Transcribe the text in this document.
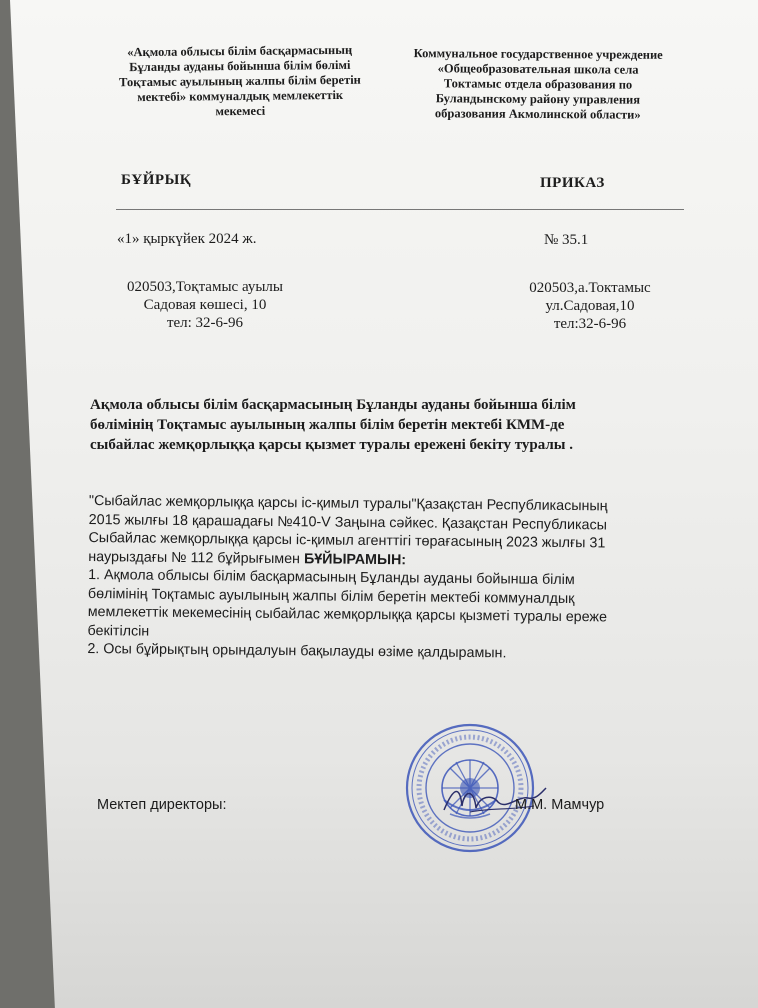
«Ақмола облысы білім басқармасының
Бұланды ауданы бойынша білім бөлімі
Тоқтамыс ауылының жалпы білім беретін
мектебі» коммуналдық мемлекеттік
мекемесі
Коммунальное государственное учреждение
«Общеобразовательная школа села
Токтамыс отдела образования по
Буландынскому району управления
образования Акмолинской области»
БҰЙРЫҚ	ПРИКАЗ
«1» қыркүйек 2024 ж.	№ 35.1
020503,Тоқтамыс ауылы
Садовая көшесі, 10
тел: 32-6-96
020503,а.Токтамыс
ул.Садовая,10
тел:32-6-96
Ақмола облысы білім басқармасының Бұланды ауданы бойынша білім
бөлімінің Тоқтамыс ауылының жалпы білім беретін мектебі КММ-де
сыбайлас жемқорлыққа қарсы қызмет туралы ережені бекіту туралы .
"Сыбайлас жемқорлыққа қарсы іс-қимыл туралы"Қазақстан Республикасының
2015 жылғы 18 қарашадағы №410-V Заңына сәйкес. Қазақстан Республикасы
Сыбайлас жемқорлыққа қарсы іс-қимыл агенттігі төрағасының 2023 жылғы 31
наурыздағы № 112 бұйрығымен БҰЙЫРАМЫН:
1. Ақмола облысы білім басқармасының Бұланды ауданы бойынша білім
бөлімінің Тоқтамыс ауылының жалпы білім беретін мектебі коммуналдық
мемлекеттік мекемесінің сыбайлас жемқорлыққа қарсы қызметі туралы ереже
бекітілсін
2. Осы бұйрықтың орындалуын бақылауды өзіме қалдырамын.
Мектеп директоры:	М.М. Мамчур
